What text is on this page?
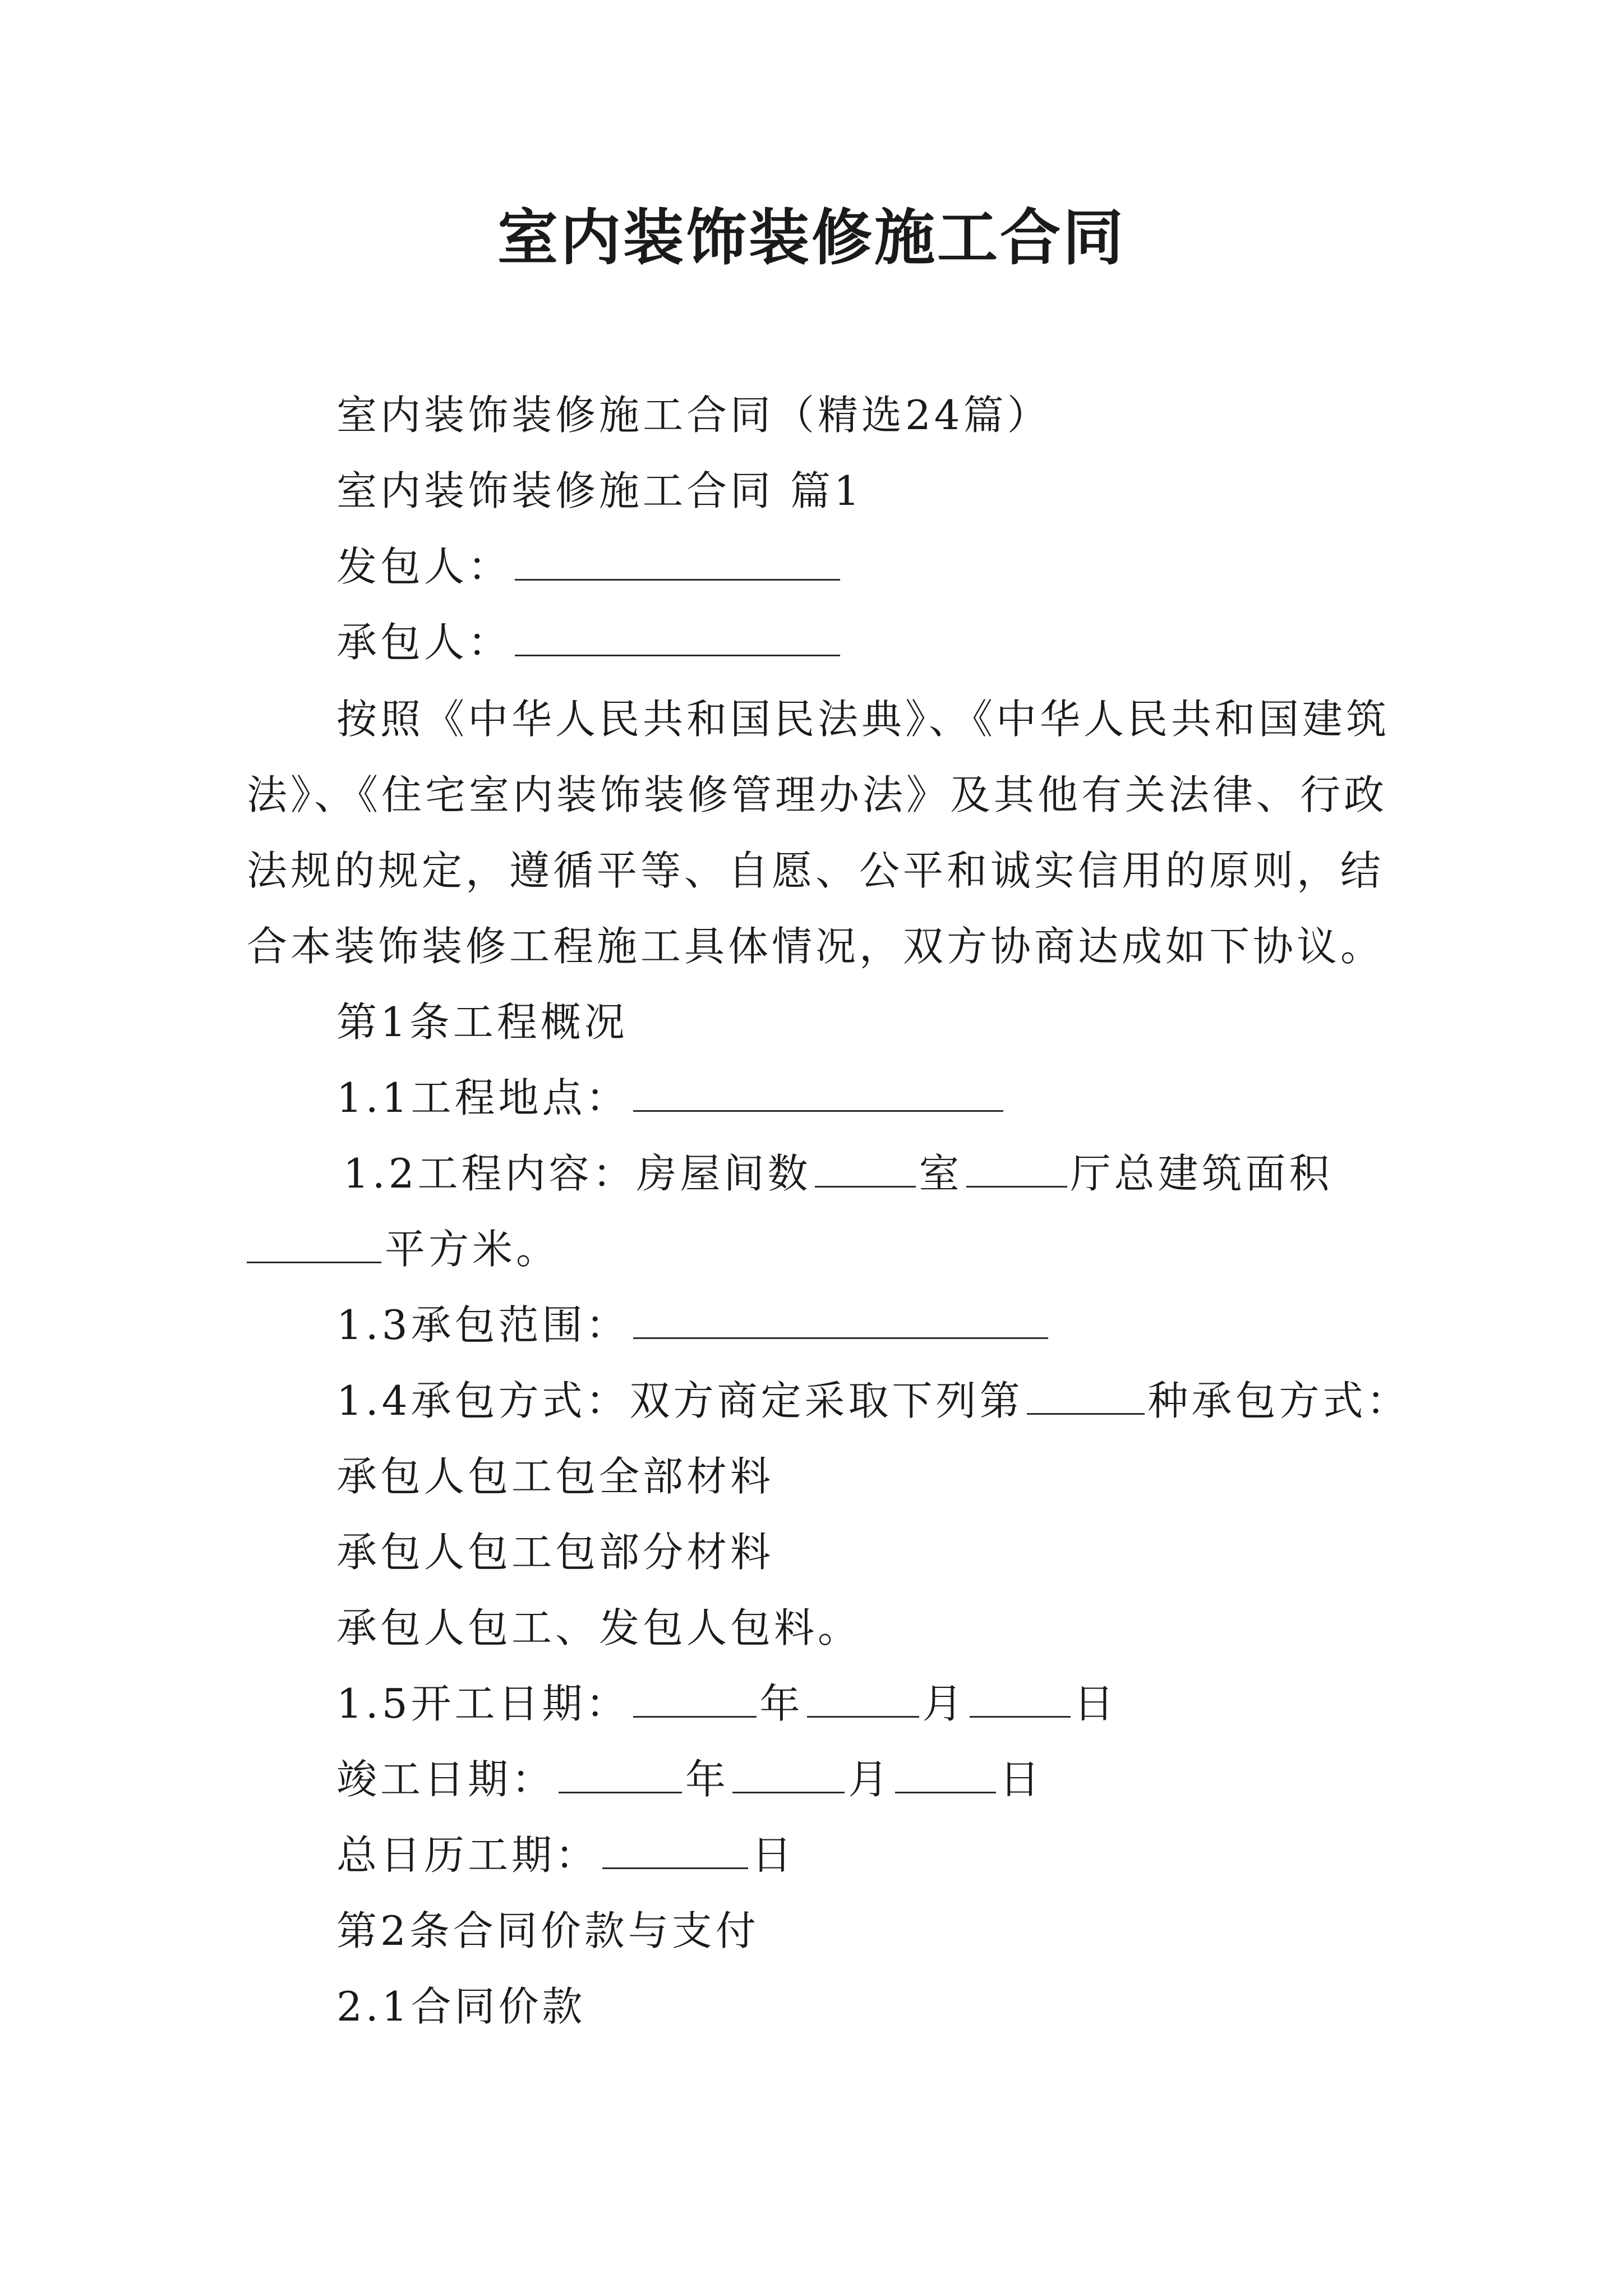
室内装饰装修施工合同
室内装饰装修施工合同（精选24篇）
室内装饰装修施工合同 篇1
发包人：
承包人：
按照《中华人民共和国民法典》、《中华人民共和国建筑
法》、《住宅室内装饰装修管理办法》及其他有关法律、行政
法规的规定，遵循平等、自愿、公平和诚实信用的原则，结
合本装饰装修工程施工具体情况，双方协商达成如下协议。
第1条工程概况
1.1工程地点：
1.2工程内容：房屋间数	室	厅总建筑面积
平方米。
1.3承包范围：
1.4承包方式：双方商定采取下列第	种承包方式：
承包人包工包全部材料
承包人包工包部分材料
承包人包工、发包人包料。
1.5开工日期：	年	月	日
竣工日期：	年	月	日
总日历工期：	日
第2条合同价款与支付
2.1合同价款
